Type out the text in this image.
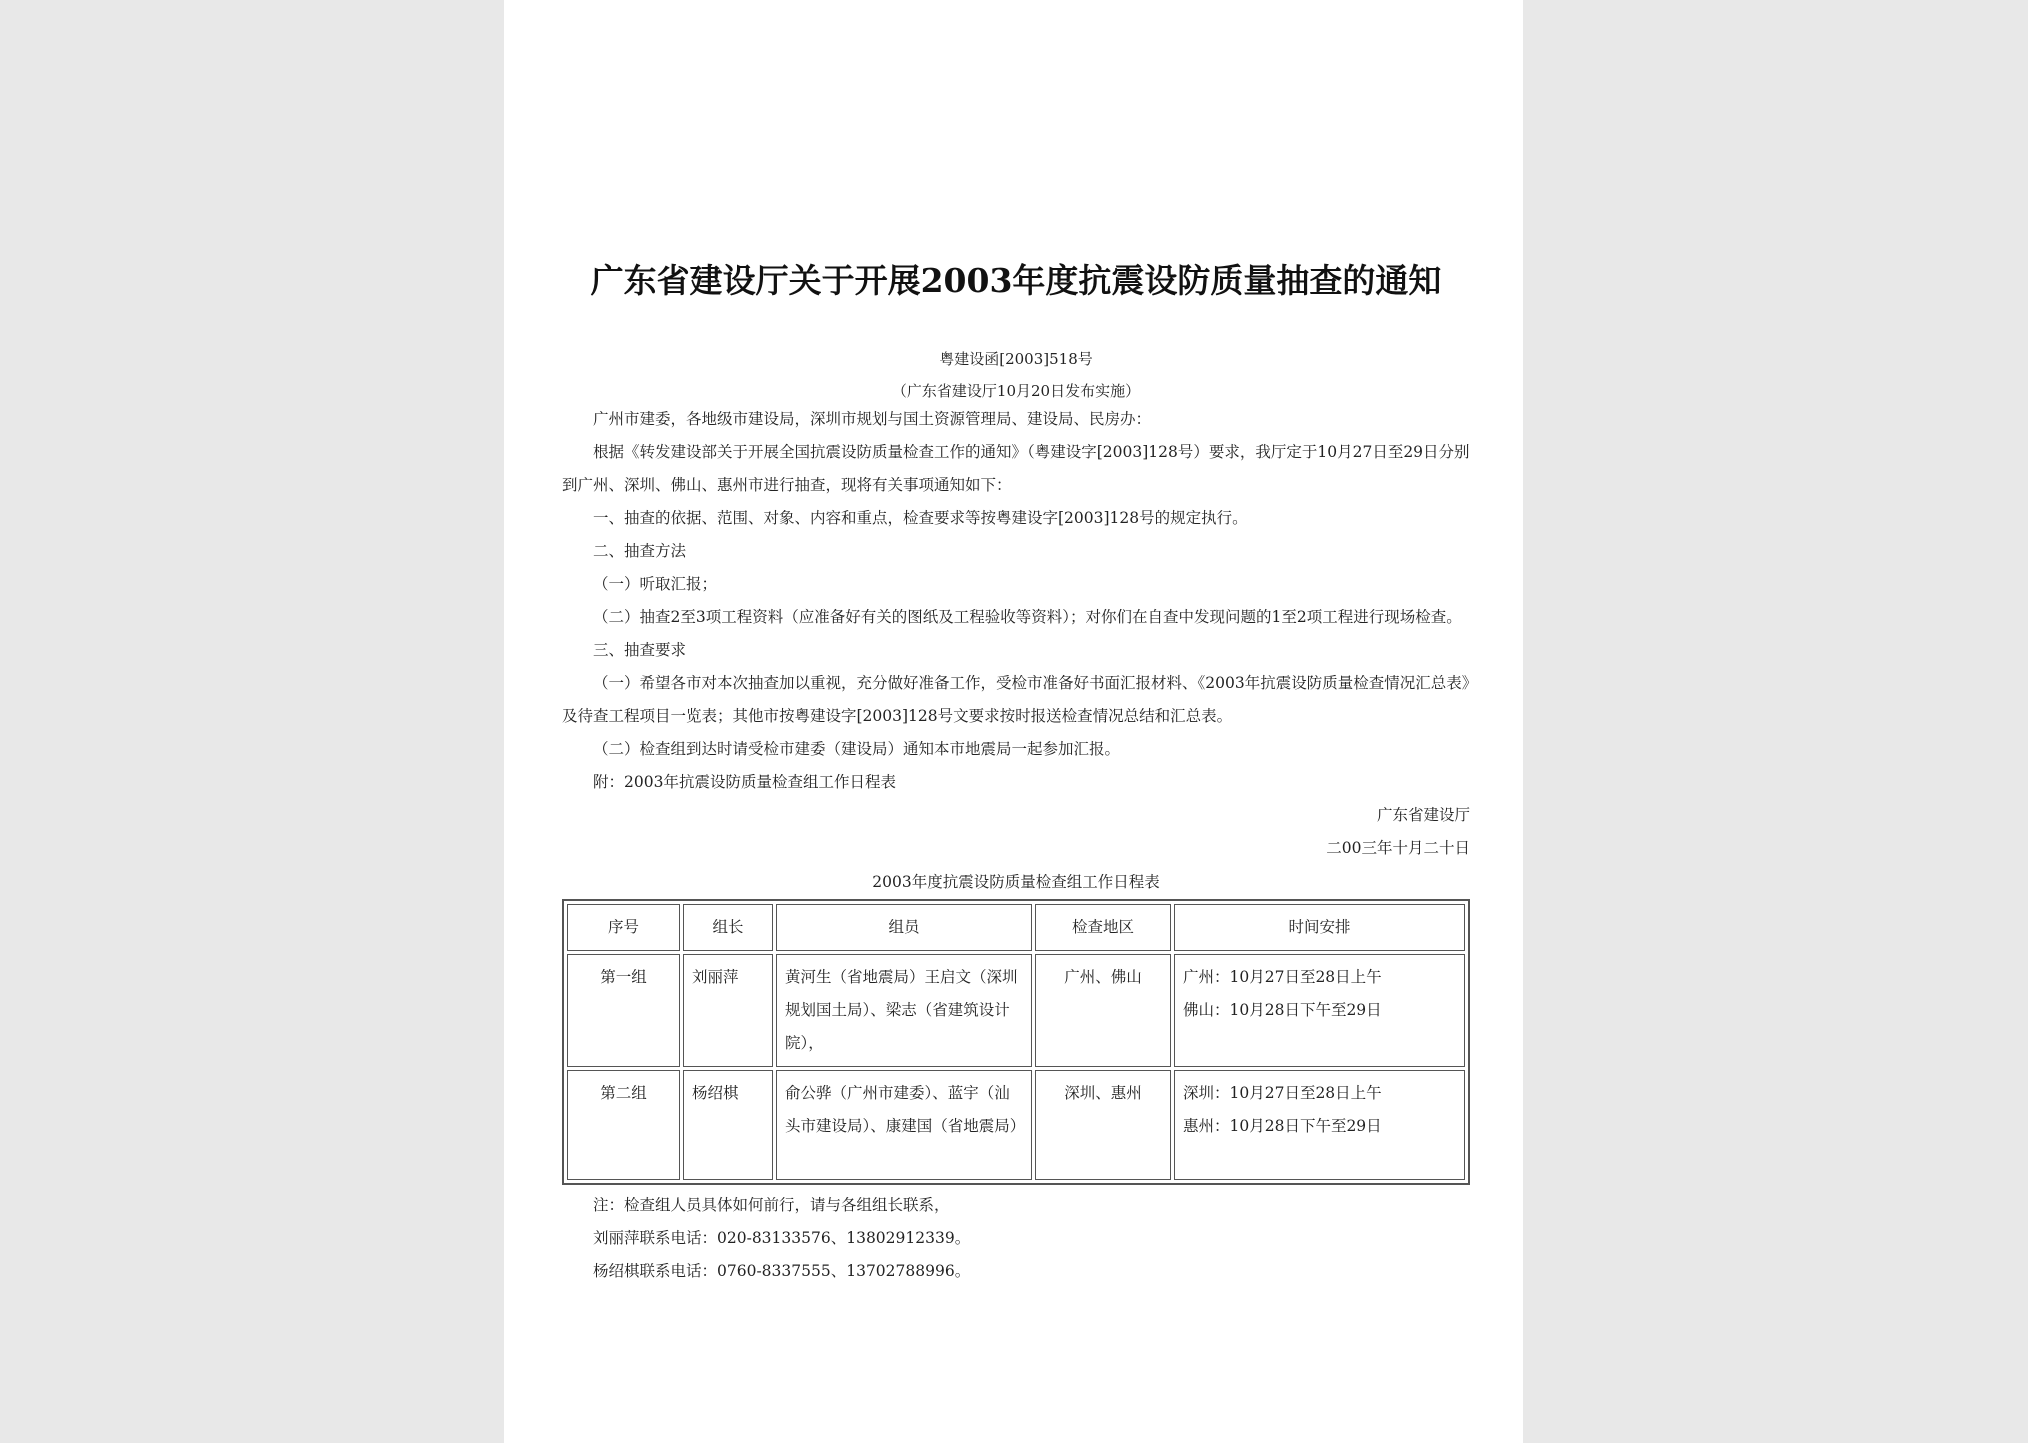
广东省建设厅关于开展2003年度抗震设防质量抽查的通知
粤建设函[2003]518号
（广东省建设厅10月20日发布实施）

广州市建委，各地级市建设局，深圳市规划与国土资源管理局、建设局、民房办：

根据《转发建设部关于开展全国抗震设防质量检查工作的通知》（粤建设字[2003]128号）要求，我厅定于10月27日至29日分别到广州、深圳、佛山、惠州市进行抽查，现将有关事项通知如下：

一、抽查的依据、范围、对象、内容和重点，检查要求等按粤建设字[2003]128号的规定执行。

二、抽查方法

（一）听取汇报；

（二）抽查2至3项工程资料（应准备好有关的图纸及工程验收等资料）；对你们在自查中发现问题的1至2项工程进行现场检查。

三、抽查要求

（一）希望各市对本次抽查加以重视，充分做好准备工作，受检市准备好书面汇报材料、《2003年抗震设防质量检查情况汇总表》及待查工程项目一览表；其他市按粤建设字[2003]128号文要求按时报送检查情况总结和汇总表。

（二）检查组到达时请受检市建委（建设局）通知本市地震局一起参加汇报。

附：2003年抗震设防质量检查组工作日程表

广东省建设厅
二00三年十月二十日
2003年度抗震设防质量检查组工作日程表
序号	组长	组员	检查地区	时间安排
第一组	刘丽萍	黄河生（省地震局）王启文（深圳规划国土局）、梁志（省建筑设计院），	广州、佛山	广州：10月27日至28日上午
佛山：10月28日下午至29日

第二组	杨绍棋	俞公骅（广州市建委）、蓝宇（汕头市建设局）、康建国（省地震局）	深圳、惠州	深圳：10月27日至28日上午
惠州：10月28日下午至29日

注：检查组人员具体如何前行，请与各组组长联系，

刘丽萍联系电话：020-83133576、13802912339。

杨绍棋联系电话：0760-8337555、13702788996。
